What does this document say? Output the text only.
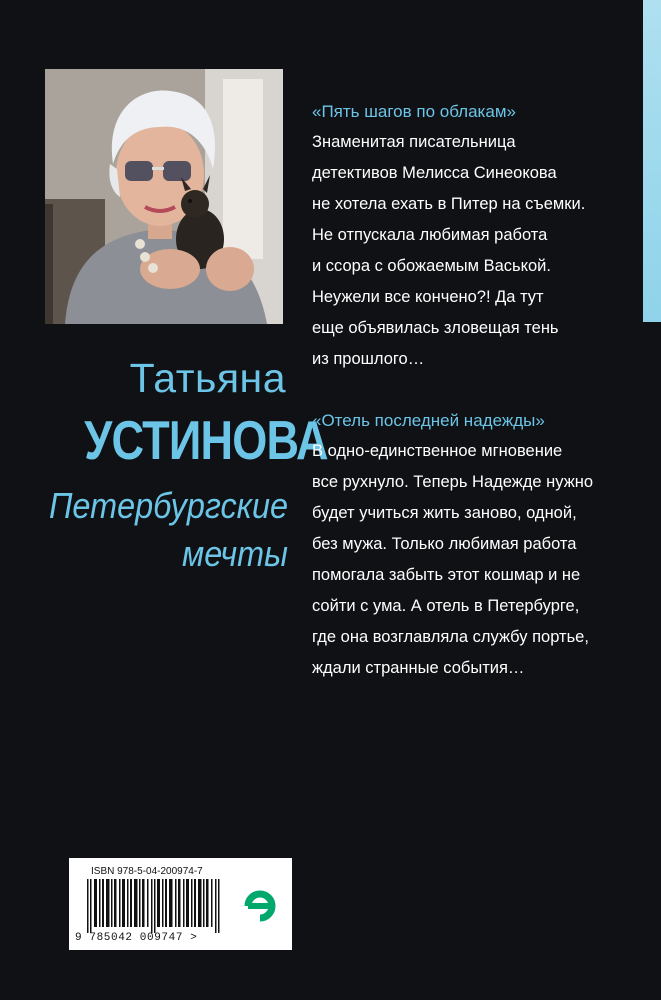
Татьяна
УСТИНОВА
Петербургские
мечты
«Пять шагов по облакам»
Знаменитая писательница
детективов Мелисса Синеокова
не хотела ехать в Питер на съемки.
Не отпускала любимая работа
и ссора с обожаемым Васькой.
Неужели все кончено?! Да тут
еще объявилась зловещая тень
из прошлого…
«Отель последней надежды»
В одно-единственное мгновение
все рухнуло. Теперь Надежде нужно
будет учиться жить заново, одной,
без мужа. Только любимая работа
помогала забыть этот кошмар и не
сойти с ума. А отель в Петербурге,
где она возглавляла службу портье,
ждали странные события…
ISBN 978-5-04-200974-7
9 785042 009747 >
eksmo.ru
